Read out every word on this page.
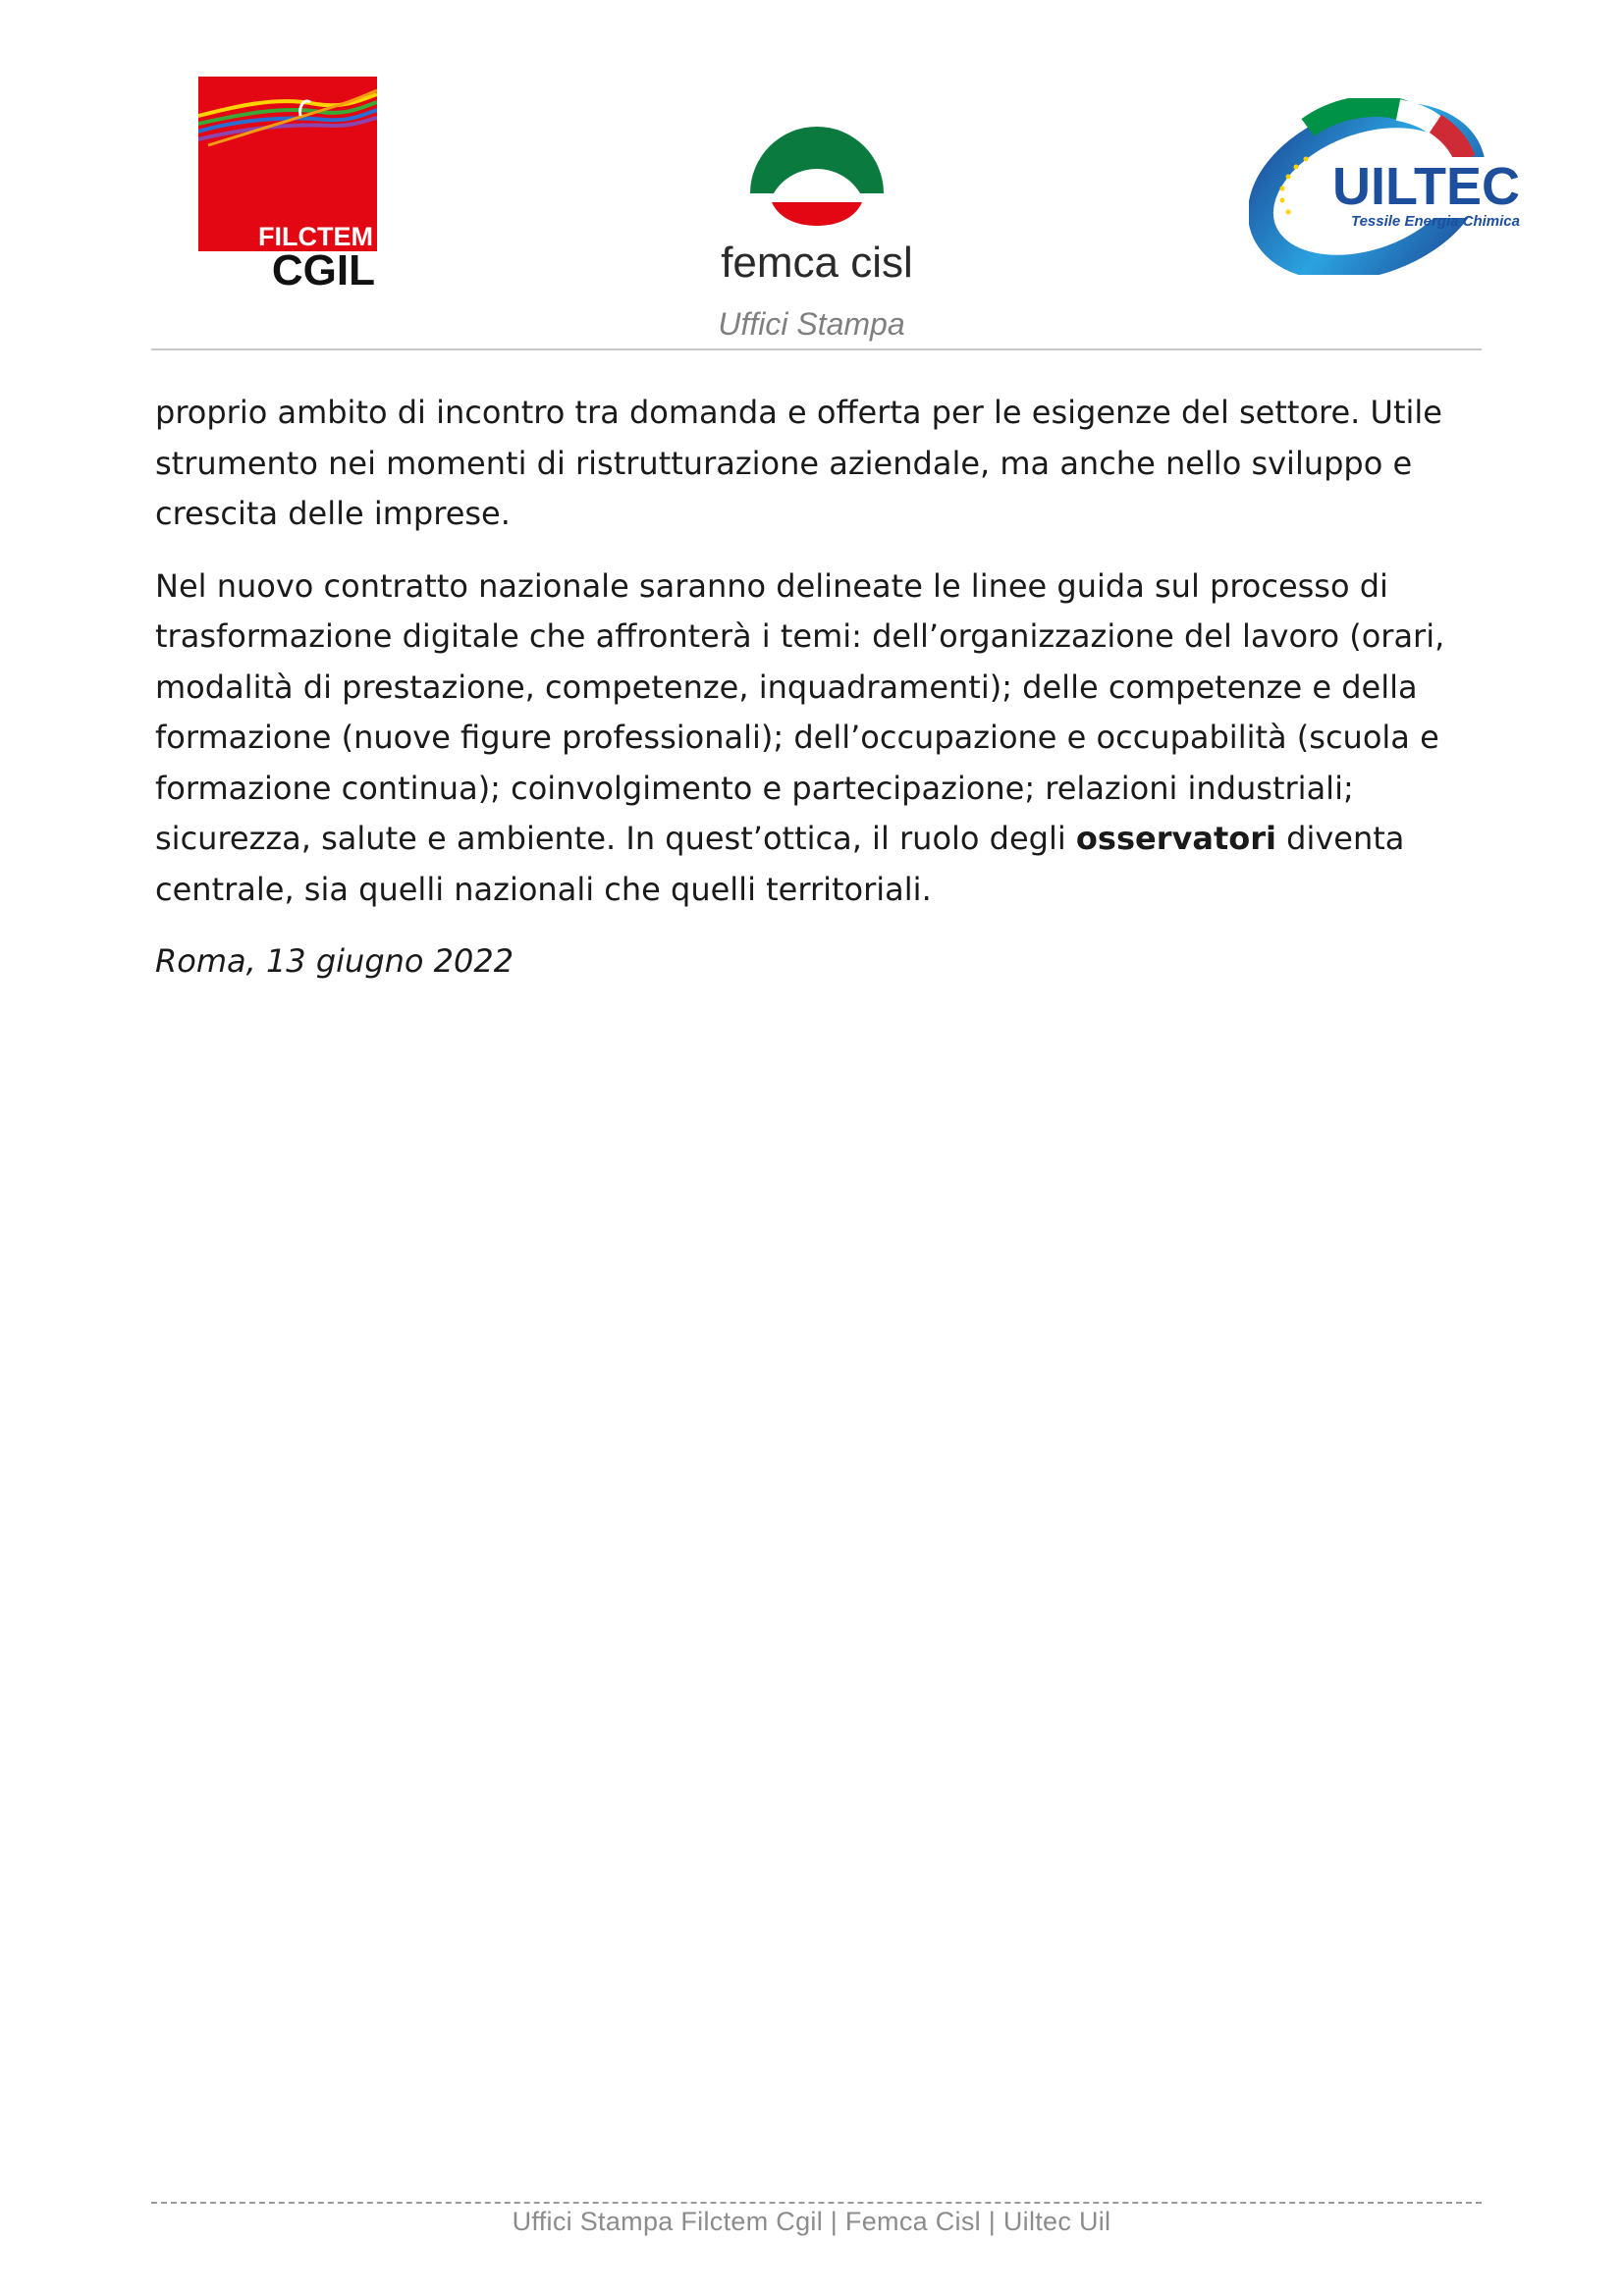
FILCTEM
CGIL	femca cisl
UILTEC
Tessile Energia Chimica
Uffici Stampa

proprio ambito di incontro tra domanda e offerta per le esigenze del settore. Utile strumento nei momenti di ristrutturazione aziendale, ma anche nello sviluppo e crescita delle imprese.

Nel nuovo contratto nazionale saranno delineate le linee guida sul processo di trasformazione digitale che affronterà i temi: dell’organizzazione del lavoro (orari, modalità di prestazione, competenze, inquadramenti); delle competenze e della formazione (nuove figure professionali); dell’occupazione e occupabilità (scuola e formazione continua); coinvolgimento e partecipazione; relazioni industriali; sicurezza, salute e ambiente. In quest’ottica, il ruolo degli osservatori diventa centrale, sia quelli nazionali che quelli territoriali.

Roma, 13 giugno 2022

Uffici Stampa Filctem Cgil | Femca Cisl | Uiltec Uil
